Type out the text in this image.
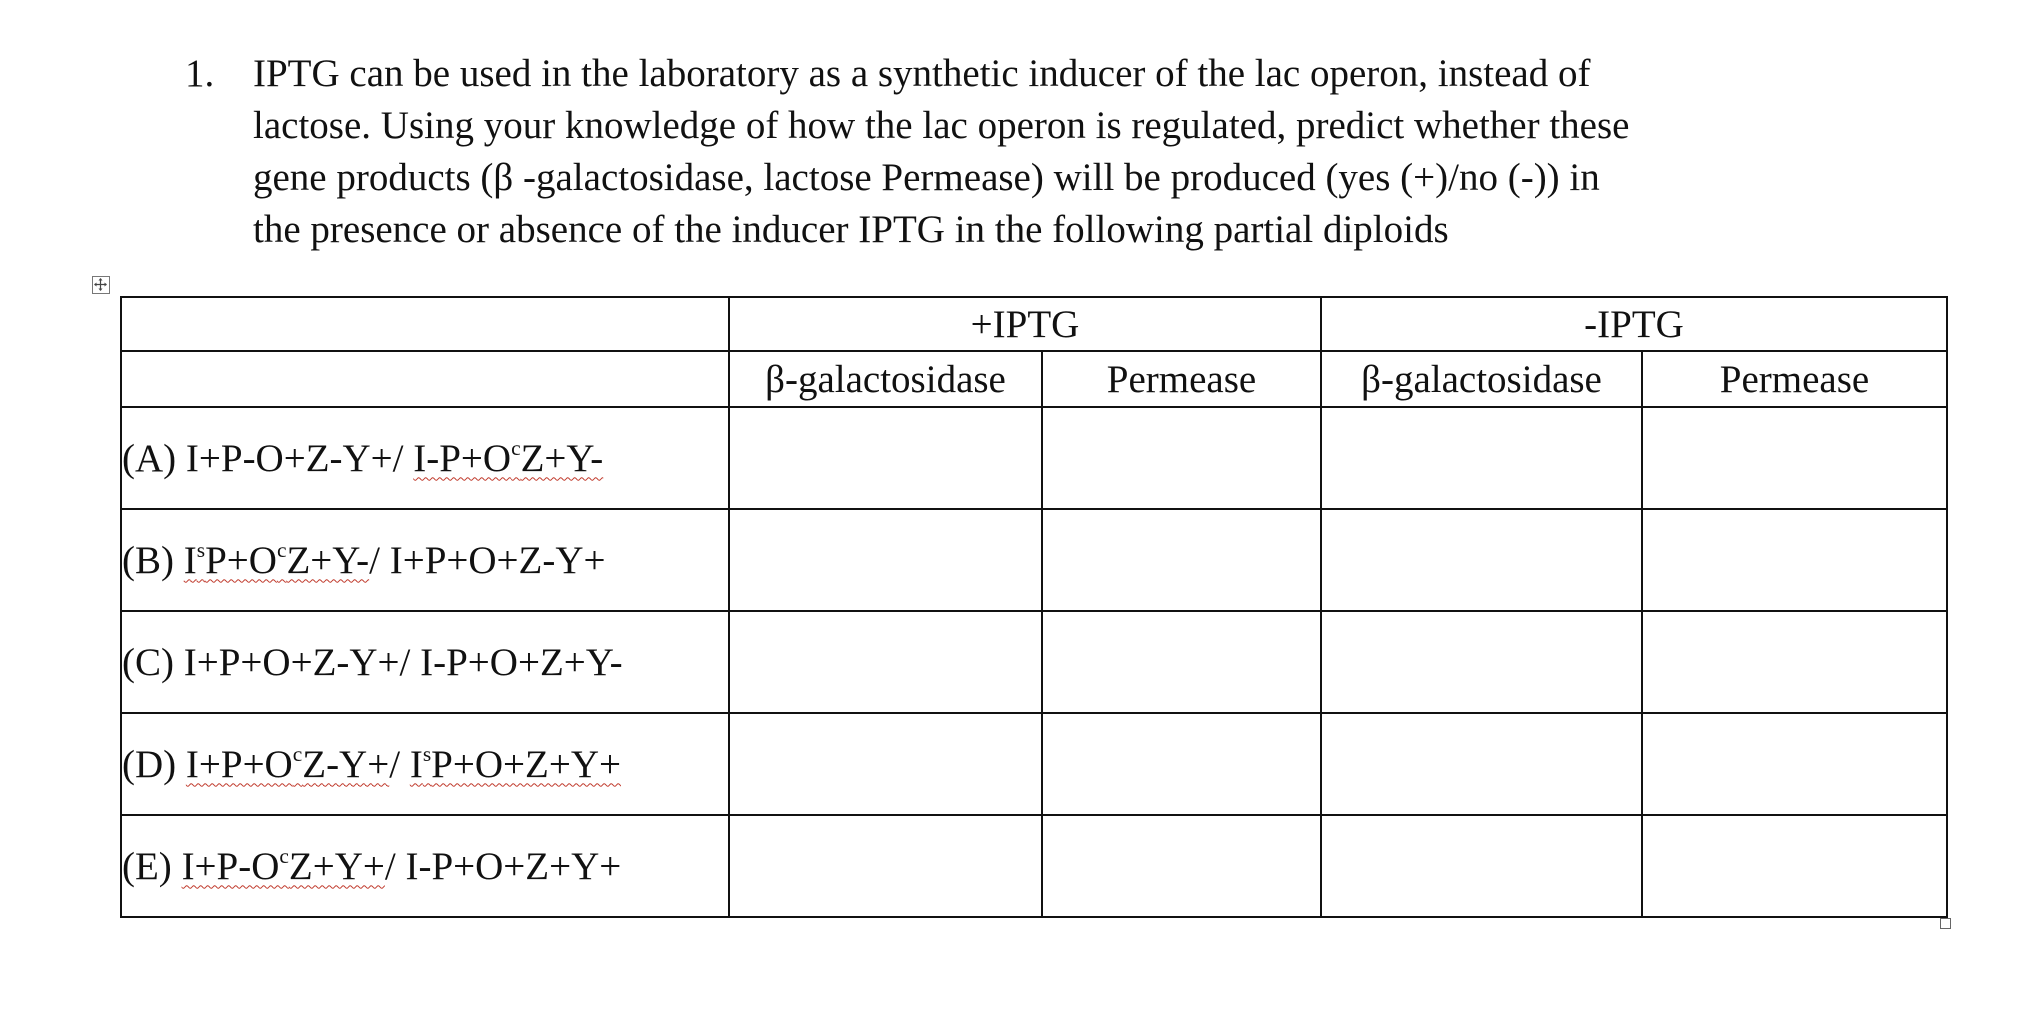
1. IPTG can be used in the laboratory as a synthetic inducer of the lac operon, instead of
lactose. Using your knowledge of how the lac operon is regulated, predict whether these
gene products (β -galactosidase, lactose Permease) will be produced (yes (+)/no (-)) in
the presence or absence of the inducer IPTG in the following partial diploids
	+IPTG		-IPTG	
	β-galactosidase	Permease	β-galactosidase	Permease
(A) I+P-O+Z-Y+/ $I-P+O^cZ+Y-$				
(B) $I^sP+O^cZ+Y-/$ I+P+O+Z-Y+				
(C) I+P+O+Z-Y+/ I-P+O+Z+Y-				
(D) $I+P+O^cZ-Y+/$ $I^sP+O+Z+Y+$				
(E) $I+P-O^cZ+Y+/$ I-P+O+Z+Y+				
